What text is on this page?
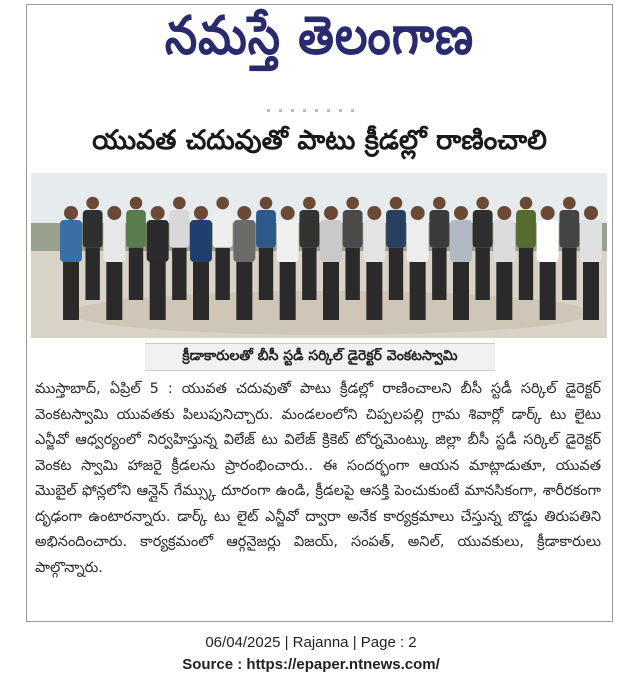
నమస్తే తెలంగాణ
యువత చదువుతో పాటు క్రీడల్లో రాణించాలి
క్రీడాకారులతో బీసీ స్టడీ సర్కిల్ డైరెక్టర్ వెంకటస్వామి
ముస్తాబాద్, ఏప్రిల్ 5 : యువత చదువుతో పాటు క్రీడల్లో రాణించాలని బీసీ స్టడీ సర్కిల్ డైరెక్టర్ వెంకటస్వామి యువతకు పిలుపునిచ్చారు. మండలంలోని చిప్పలపల్లి గ్రామ శివార్లో డార్క్ టు లైటు ఎన్జీవో ఆధ్వర్యంలో నిర్వహిస్తున్న విలేజ్ టు విలేజ్ క్రికెట్ టోర్నమెంట్కు జిల్లా బీసీ స్టడీ సర్కిల్ డైరెక్టర్ వెంకట స్వామి హాజరై క్రీడలను ప్రారంభించారు.. ఈ సందర్భంగా ఆయన మాట్లాడుతూ, యువత మొబైల్ ఫోన్లలోని ఆన్లైన్ గేమ్స్కు దూరంగా ఉండి, క్రీడలపై ఆసక్తి పెంచుకుంటే మానసికంగా, శారీరకంగా దృఢంగా ఉంటారన్నారు. డార్క్ టు లైట్ ఎన్జీవో ద్వారా అనేక కార్యక్రమాలు చేస్తున్న బొడ్డు తిరుపతిని అభినందించారు. కార్యక్రమంలో ఆర్గనైజర్లు విజయ్, సంపత్, అనిల్, యువకులు, క్రీడాకారులు పాల్గొన్నారు.
06/04/2025 | Rajanna | Page : 2
Source : https://epaper.ntnews.com/
